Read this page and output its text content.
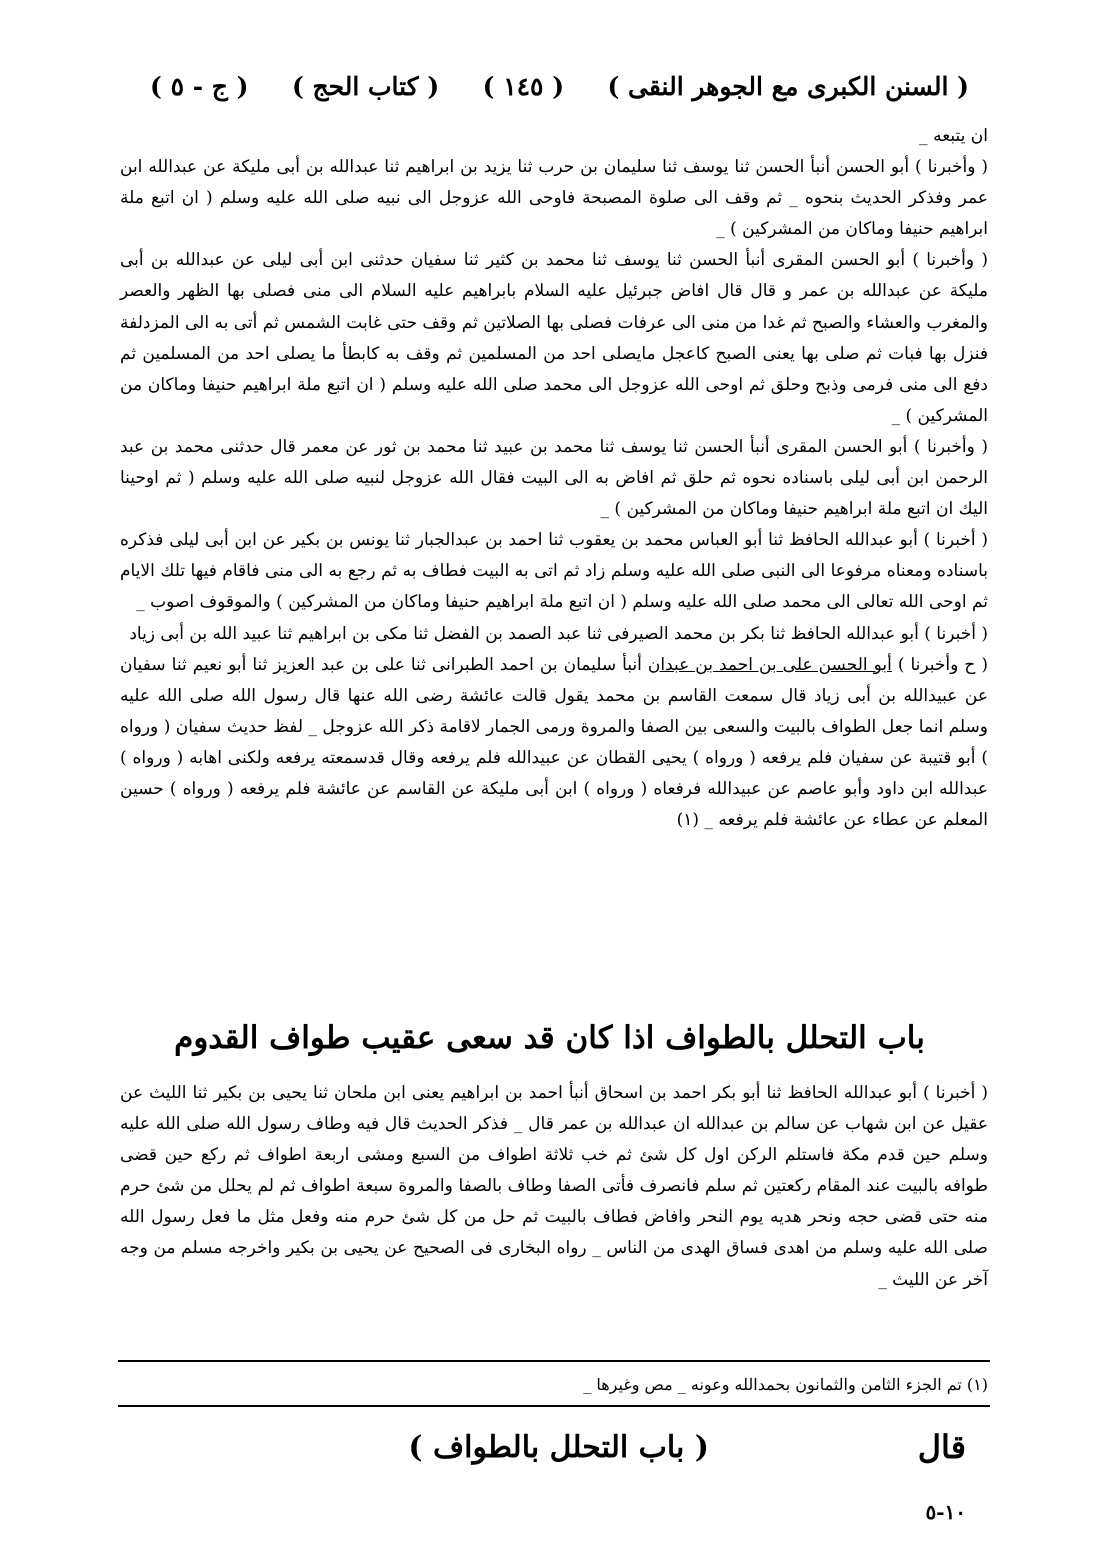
( السنن الكبرى مع الجوهر النقى )
( ١٤٥ )
( كتاب الحج )
( ج - ٥ )

ان يتبعه _

( وأخبرنا ) أبو الحسن أنبأ الحسن ثنا يوسف ثنا سليمان بن حرب ثنا يزيد بن ابراهيم ثنا عبدالله بن أبى مليكة عن عبدالله ابن عمر وفذكر الحديث بنحوه _ ثم وقف الى صلوة المصبحة فاوحى الله عزوجل الى نبيه صلى الله عليه وسلم ( ان اتبع ملة ابراهيم حنيفا وماكان من المشركين ) _

( وأخبرنا ) أبو الحسن المقرى أنبأ الحسن ثنا يوسف ثنا محمد بن كثير ثنا سفيان حدثنى ابن أبى ليلى عن عبدالله بن أبى مليكة عن عبدالله بن عمر و قال قال افاض جبرئيل عليه السلام بابراهيم عليه السلام الى منى فصلى بها الظهر والعصر والمغرب والعشاء والصبح ثم غدا من منى الى عرفات فصلى بها الصلاتين ثم وقف حتى غابت الشمس ثم أتى به الى المزدلفة فنزل بها فبات ثم صلى بها يعنى الصبح كاعجل مايصلى احد من المسلمين ثم وقف به كابطأ ما يصلى احد من المسلمين ثم دفع الى منى فرمى وذبح وحلق ثم اوحى الله عزوجل الى محمد صلى الله عليه وسلم ( ان اتبع ملة ابراهيم حنيفا وماكان من المشركين ) _

( وأخبرنا ) أبو الحسن المقرى أنبأ الحسن ثنا يوسف ثنا محمد بن عبيد ثنا محمد بن ثور عن معمر قال حدثنى محمد بن عبد الرحمن ابن أبى ليلى باسناده نحوه ثم حلق ثم افاض به الى البيت فقال الله عزوجل لنبيه صلى الله عليه وسلم ( ثم اوحينا اليك ان اتبع ملة ابراهيم حنيفا وماكان من المشركين ) _

( أخبرنا ) أبو عبدالله الحافظ ثنا أبو العباس محمد بن يعقوب ثنا احمد بن عبدالجبار ثنا يونس بن بكير عن ابن أبى ليلى فذكره باسناده ومعناه مرفوعا الى النبى صلى الله عليه وسلم زاد ثم اتى به البيت فطاف به ثم رجع به الى منى فاقام فيها تلك الايام ثم اوحى الله تعالى الى محمد صلى الله عليه وسلم ( ان اتبع ملة ابراهيم حنيفا وماكان من المشركين ) والموقوف اصوب _

( أخبرنا ) أبو عبدالله الحافظ ثنا بكر بن محمد الصيرفى ثنا عبد الصمد بن الفضل ثنا مكى بن ابراهيم ثنا عبيد الله بن أبى زياد

( ح وأخبرنا ) أبو الحسن على بن احمد بن عبدان أنبأ سليمان بن احمد الطبرانى ثنا على بن عبد العزيز ثنا أبو نعيم ثنا سفيان عن عبيدالله بن أبى زياد قال سمعت القاسم بن محمد يقول قالت عائشة رضى الله عنها قال رسول الله صلى الله عليه وسلم انما جعل الطواف بالبيت والسعى بين الصفا والمروة ورمى الجمار لاقامة ذكر الله عزوجل _ لفظ حديث سفيان ( ورواه ) أبو قتيبة عن سفيان فلم يرفعه ( ورواه ) يحيى القطان عن عبيدالله فلم يرفعه وقال قدسمعته يرفعه ولكنى اهابه ( ورواه ) عبدالله ابن داود وأبو عاصم عن عبيدالله فرفعاه ( ورواه ) ابن أبى مليكة عن القاسم عن عائشة فلم يرفعه ( ورواه ) حسين المعلم عن عطاء عن عائشة فلم يرفعه _ (١)

باب التحلل بالطواف اذا كان قد سعى عقيب طواف القدوم

( أخبرنا ) أبو عبدالله الحافظ ثنا أبو بكر احمد بن اسحاق أنبأ احمد بن ابراهيم يعنى ابن ملحان ثنا يحيى بن بكير ثنا الليث عن عقيل عن ابن شهاب عن سالم بن عبدالله ان عبدالله بن عمر قال _ فذكر الحديث قال فيه وطاف رسول الله صلى الله عليه وسلم حين قدم مكة فاستلم الركن اول كل شئ ثم خب ثلاثة اطواف من السبع ومشى اربعة اطواف ثم ركع حين قضى طوافه بالبيت عند المقام ركعتين ثم سلم فانصرف فأتى الصفا وطاف بالصفا والمروة سبعة اطواف ثم لم يحلل من شئ حرم منه حتى قضى حجه ونحر هديه يوم النحر وافاض فطاف بالبيت ثم حل من كل شئ حرم منه وفعل مثل ما فعل رسول الله صلى الله عليه وسلم من اهدى فساق الهدى من الناس _ رواه البخارى فى الصحيح عن يحيى بن بكير واخرجه مسلم من وجه آخر عن الليث _

(١) تم الجزء الثامن والثمانون بحمدالله وعونه _ مص وغيرها _
قال
( باب التحلل بالطواف )
١٠-٥
